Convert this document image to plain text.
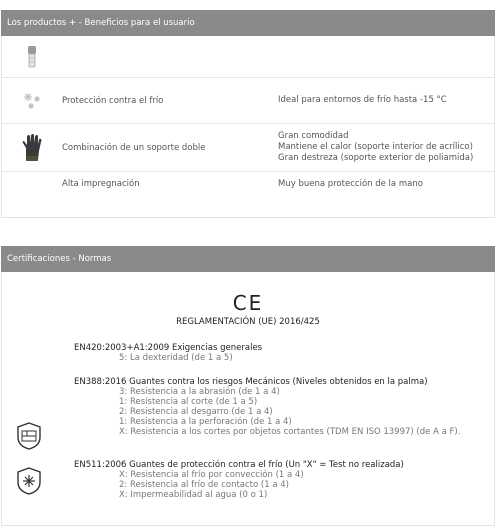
Los productos + - Beneficios para el usuario
Protección contra el frío	Ideal para entornos de frío hasta -15 °C
Combinación de un soporte doble
Gran comodidad
Mantiene el calor (soporte interior de acrílico)
Gran destreza (soporte exterior de poliamida)
Alta impregnación	Muy buena protección de la mano
Certificaciones - Normas
CE
REGLAMENTACIÓN (UE) 2016/425
EN420:2003+A1:2009 Exigencias generales
5: La dexteridad (de 1 a 5)
EN388:2016 Guantes contra los riesgos Mecánicos (Niveles obtenidos en la palma)
3: Resistencia a la abrasión (de 1 a 4)
1: Resistencia al corte (de 1 a 5)
2: Resistencia al desgarro (de 1 a 4)
1: Resistencia a la perforación (de 1 a 4)
X: Resistencia a los cortes por objetos cortantes (TDM EN ISO 13997) (de A a F).
EN511:2006 Guantes de protección contra el frío (Un "X" = Test no realizada)
X: Resistencia al frío por convección (1 a 4)
2: Resistencia al frío de contacto (1 a 4)
X: Impermeabilidad al agua (0 o 1)
